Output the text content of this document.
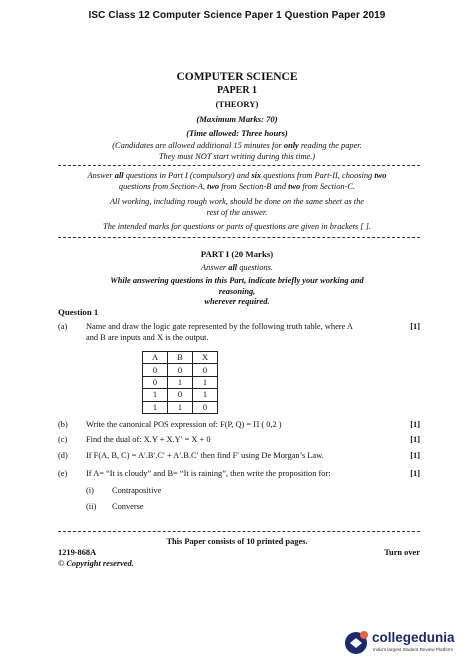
ISC Class 12 Computer Science Paper 1 Question Paper 2019
COMPUTER SCIENCE
PAPER 1
(THEORY)
(Maximum Marks: 70)
(Time allowed: Three hours)
(Candidates are allowed additional 15 minutes for only reading the paper.
They must NOT start writing during this time.)
Answer all questions in Part I (compulsory) and six questions from Part-II, choosing two
questions from Section-A, two from Section-B and two from Section-C.
All working, including rough work, should be done on the same sheet as the
rest of the answer.
The intended marks for questions or parts of questions are given in brackets [ ].
PART I (20 Marks)
Answer all questions.
While answering questions in this Part, indicate briefly your working and reasoning,
wherever required.
Question 1
(a) Name and draw the logic gate represented by the following truth table, where A
and B are inputs and X is the output.
[1]
A	B	X
0	0	0
0	1	1
1	0	1
1	1	0
(b) Write the canonical POS expression of: F(P, Q) = Π ( 0,2 )	[1]
(c) Find the dual of: X.Y + X.Y′ = X + 0	[1]
(d) If F(A, B, C) = A′.B′.C′ + A′.B.C′ then find F′ using De Morgan’s Law.	[1]
(e) If A= “It is cloudy” and B= “It is raining”, then write the proposition for:	[1]
(i) Contrapositive
(ii) Converse
This Paper consists of 10 printed pages.
1219-868A	Turn over
© Copyright reserved.
collegedunia
India's largest Student Review Platform
